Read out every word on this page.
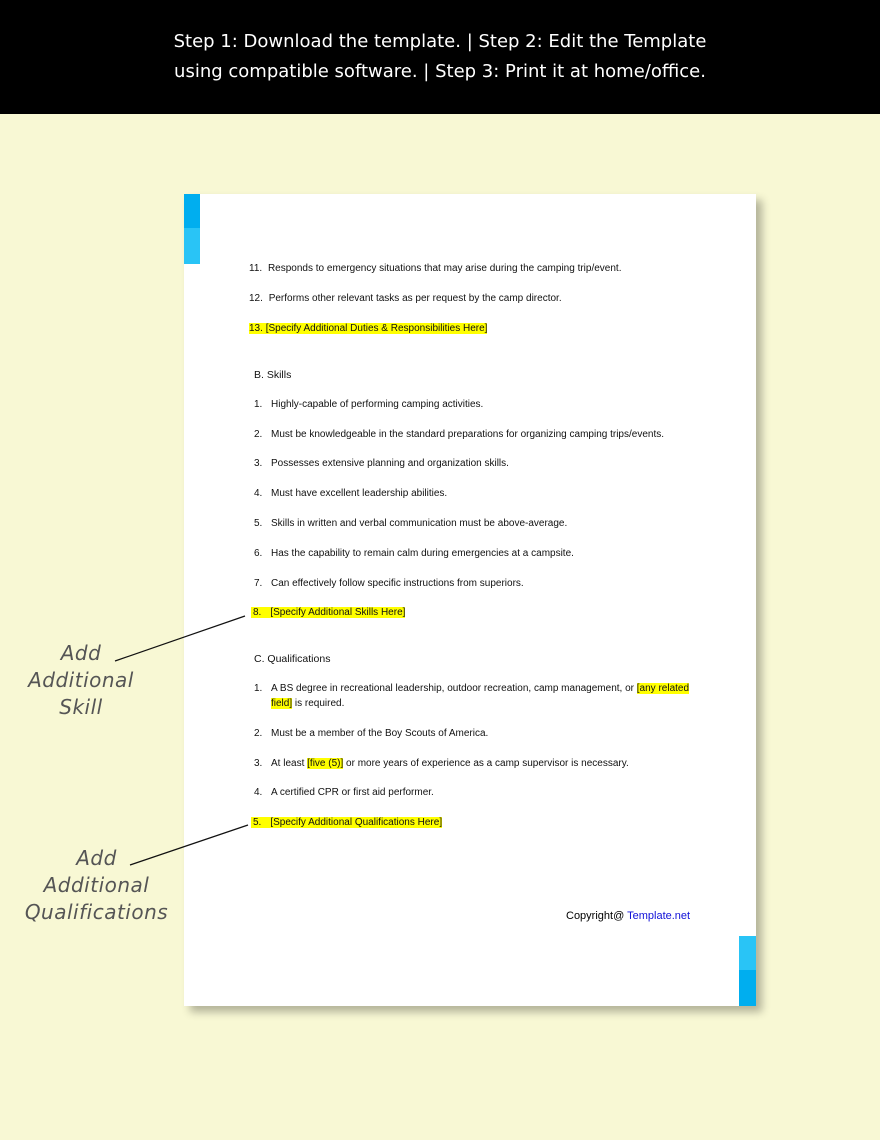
Step 1: Download the template. | Step 2: Edit the Template
using compatible software. | Step 3: Print it at home/office.
11. Responds to emergency situations that may arise during the camping trip/event.
12. Performs other relevant tasks as per request by the camp director.
13. [Specify Additional Duties & Responsibilities Here]
B. Skills
1. Highly-capable of performing camping activities.
2. Must be knowledgeable in the standard preparations for organizing camping trips/events.
3. Possesses extensive planning and organization skills.
4. Must have excellent leadership abilities.
5. Skills in written and verbal communication must be above-average.
6. Has the capability to remain calm during emergencies at a campsite.
7. Can effectively follow specific instructions from superiors.
8. [Specify Additional Skills Here]
C. Qualifications
1. A BS degree in recreational leadership, outdoor recreation, camp management, or [any related
field] is required.
2. Must be a member of the Boy Scouts of America.
3. At least [five (5)] or more years of experience as a camp supervisor is necessary.
4. A certified CPR or first aid performer.
5. [Specify Additional Qualifications Here]
Copyright@ Template.net
Add
Additional
Skill
Add
Additional
Qualifications
